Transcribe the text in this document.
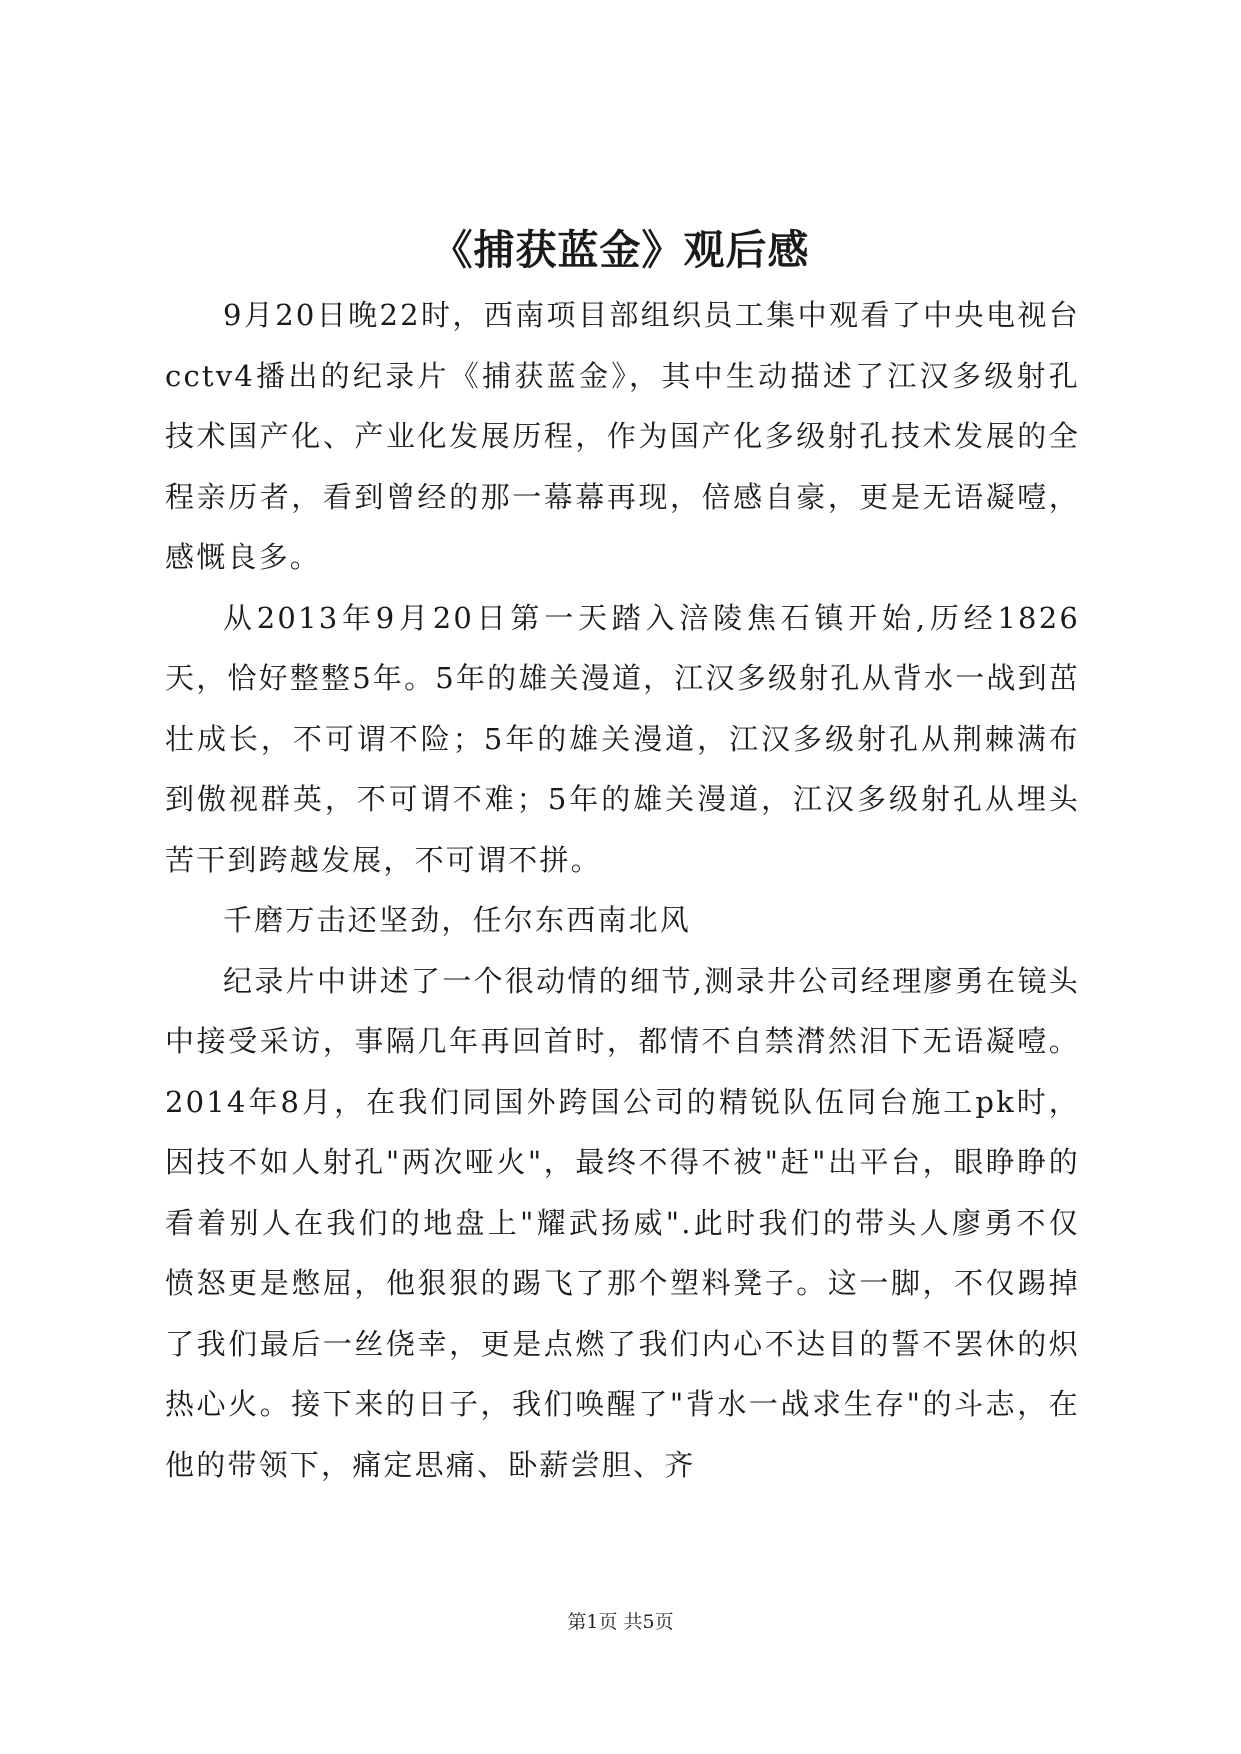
《捕获蓝金》观后感

9月20日晚22时，西南项目部组织员工集中观看了中央电视台cctv4播出的纪录片《捕获蓝金》，其中生动描述了江汉多级射孔技术国产化、产业化发展历程，作为国产化多级射孔技术发展的全程亲历者，看到曾经的那一幕幕再现，倍感自豪，更是无语凝噎，感慨良多。

从2013年9月20日第一天踏入涪陵焦石镇开始,历经1826天，恰好整整5年。5年的雄关漫道，江汉多级射孔从背水一战到茁壮成长，不可谓不险；5年的雄关漫道，江汉多级射孔从荆棘满布到傲视群英，不可谓不难；5年的雄关漫道，江汉多级射孔从埋头苦干到跨越发展，不可谓不拼。

千磨万击还坚劲，任尔东西南北风

纪录片中讲述了一个很动情的细节,测录井公司经理廖勇在镜头中接受采访，事隔几年再回首时，都情不自禁潸然泪下无语凝噎。2014年8月，在我们同国外跨国公司的精锐队伍同台施工pk时，因技不如人射孔"两次哑火"，最终不得不被"赶"出平台，眼睁睁的看着别人在我们的地盘上"耀武扬威".此时我们的带头人廖勇不仅愤怒更是憋屈，他狠狠的踢飞了那个塑料凳子。这一脚，不仅踢掉了我们最后一丝侥幸，更是点燃了我们内心不达目的誓不罢休的炽热心火。接下来的日子，我们唤醒了"背水一战求生存"的斗志，在他的带领下，痛定思痛、卧薪尝胆、齐

第1页 共5页
